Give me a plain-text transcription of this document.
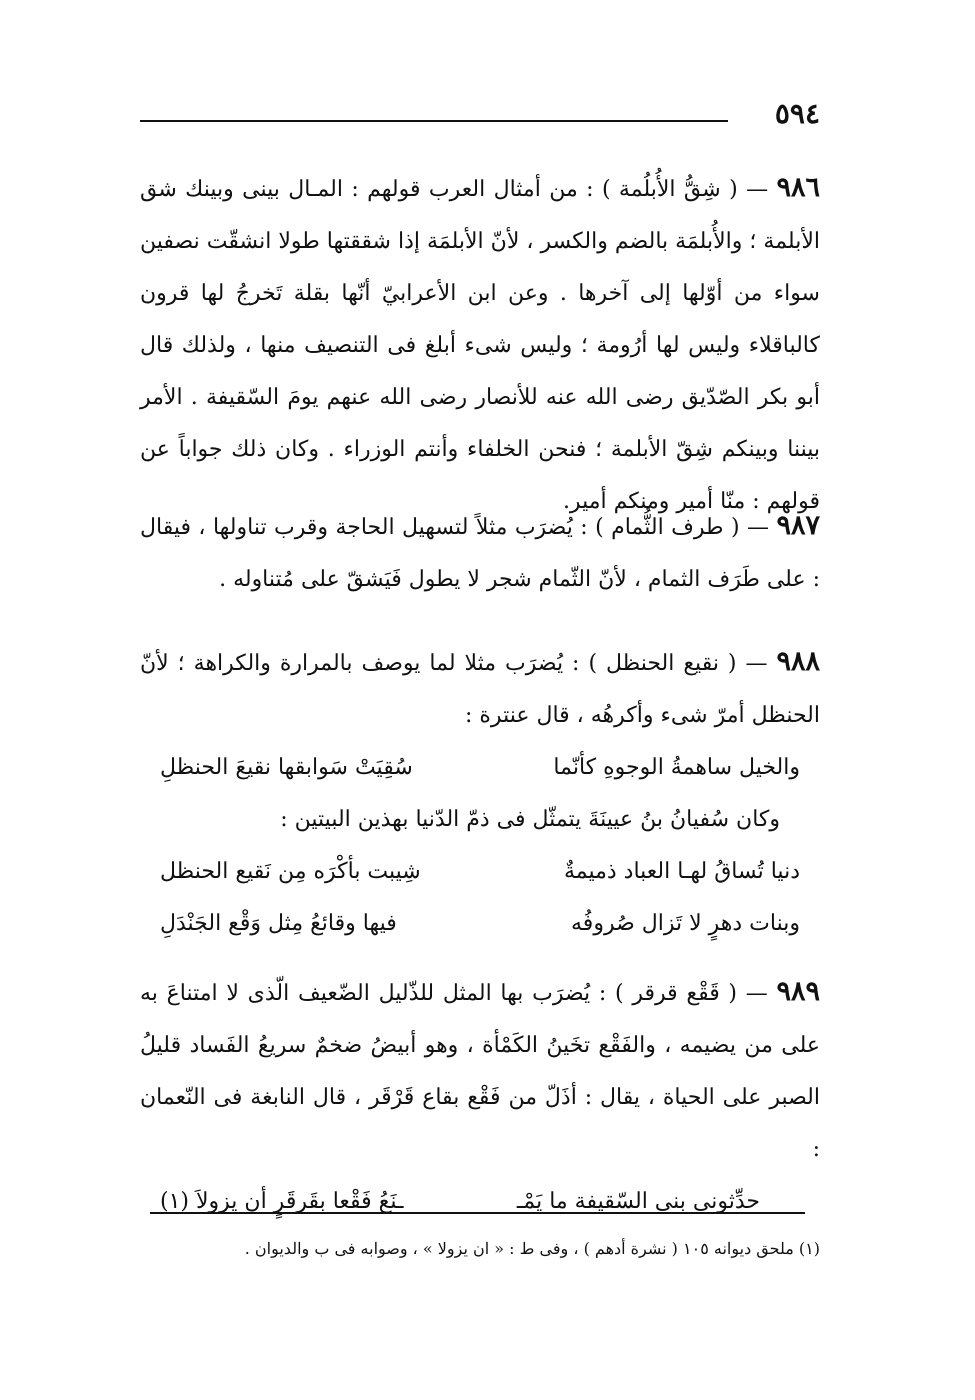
٥٩٤

٩٨٦ — ( شِقُّ الأُبلُمة ) : من أمثال العرب قولهم : المـال بينى وبينك شق الأبلمة ؛ والأُبلمَة بالضم والكسر ، لأنّ الأبلمَة إذا شققتها طولا انشقّت نصفين سواء من أوّلها إلى آخرها . وعن ابن الأعرابيّ أنّها بقلة تَخرجُ لها قرون كالباقلاء وليس لها أرُومة ؛ وليس شىء أبلغ فى التنصيف منها ، ولذلك قال أبو بكر الصّدّيق رضى الله عنه للأنصار رضى الله عنهم يومَ السّقيفة . الأمر بيننا وبينكم شِقّ الأبلمة ؛ فنحن الخلفاء وأنتم الوزراء . وكان ذلك جواباً عن قولهم : منّا أمير ومنكم أمير.

٩٨٧ — ( طرف الثُّمام ) : يُضرَب مثلاً لتسهيل الحاجة وقرب تناولها ، فيقال : على طَرَف الثمام ، لأنّ الثّمام شجر لا يطول فَيَشقّ على مُتناوله .

٩٨٨ — ( نقيع الحنظل ) : يُضرَب مثلا لما يوصف بالمرارة والكراهة ؛ لأنّ الحنظل أمرّ شىء وأكرهُه ، قال عنترة :

والخيل ساهمةُ الوجوهِ كأنّما
سُقِيَتْ سَوابقها نقيعَ الحنظلِ
وكان سُفيانُ بنُ عيينَةَ يتمثّل فى ذمّ الدّنيا بهذين البيتين :
دنيا تُساقُ لهـا العباد ذميمةٌ
شِيبت بأكْرَه مِن نَقيع الحنظل
وبنات دهرٍ لا تَزال صُروفُه
فيها وقائعُ مِثل وَقْع الجَنْدَلِ

٩٨٩ — ( قَقْع قرقر ) : يُضرَب بها المثل للذّليل الضّعيف الّذى لا امتناعَ به على من يضيمه ، والفَقْع تخَينُ الكَمْأة ، وهو أبيضُ ضخمٌ سريعُ الفَساد قليلُ الصبر على الحياة ، يقال : أذَلّ من فَقْع بقاع قَرْقَر ، قال النابغة فى النّعمان :

حدِّثونى بنى السّقيفة ما يَمْـ
ـنَعُ فَقْعا بقَرقَرٍ أن يزولاَ (١)
(١) ملحق ديوانه ١٠٥ ( نشرة أدهم ) ، وفى ط : « ان يزولا » ، وصوابه فى ب والديوان .
